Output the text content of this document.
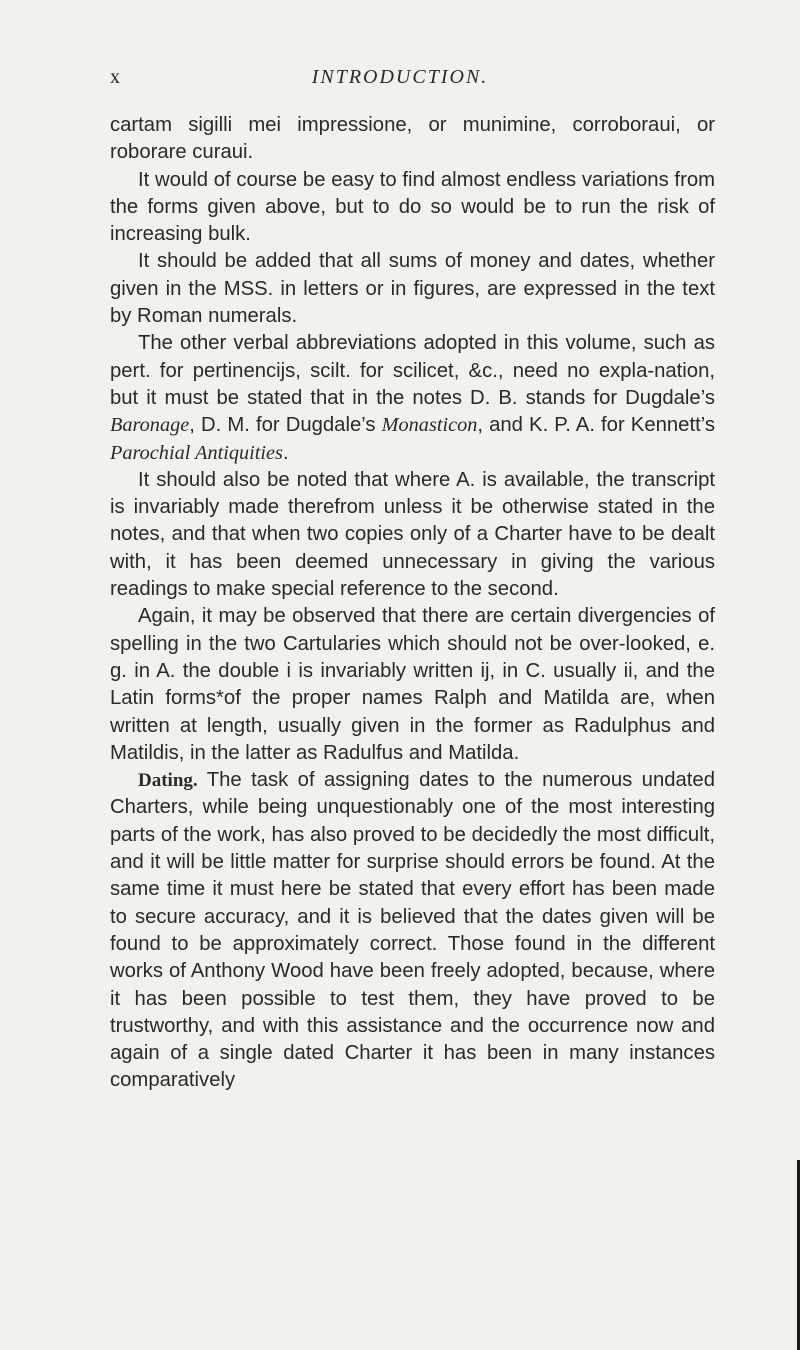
x	INTRODUCTION.

cartam sigilli mei impressione, or munimine, corroboraui, or roborare curaui.

It would of course be easy to find almost endless variations from the forms given above, but to do so would be to run the risk of increasing bulk.

It should be added that all sums of money and dates, whether given in the MSS. in letters or in figures, are expressed in the text by Roman numerals.

The other verbal abbreviations adopted in this volume, such as pert. for pertinencijs, scilt. for scilicet, &c., need no expla-nation, but it must be stated that in the notes D. B. stands for Dugdale’s Baronage, D. M. for Dugdale’s Monasticon, and K. P. A. for Kennett’s Parochial Antiquities.

It should also be noted that where A. is available, the transcript is invariably made therefrom unless it be otherwise stated in the notes, and that when two copies only of a Charter have to be dealt with, it has been deemed unnecessary in giving the various readings to make special reference to the second.

Again, it may be observed that there are certain divergencies of spelling in the two Cartularies which should not be over-looked, e. g. in A. the double i is invariably written ij, in C. usually ii, and the Latin forms*of the proper names Ralph and Matilda are, when written at length, usually given in the former as Radulphus and Matildis, in the latter as Radulfus and Matilda.

Dating. The task of assigning dates to the numerous undated Charters, while being unquestionably one of the most interesting parts of the work, has also proved to be decidedly the most difficult, and it will be little matter for surprise should errors be found. At the same time it must here be stated that every effort has been made to secure accuracy, and it is believed that the dates given will be found to be approximately correct. Those found in the different works of Anthony Wood have been freely adopted, because, where it has been possible to test them, they have proved to be trustworthy, and with this assistance and the occurrence now and again of a single dated Charter it has been in many instances comparatively
